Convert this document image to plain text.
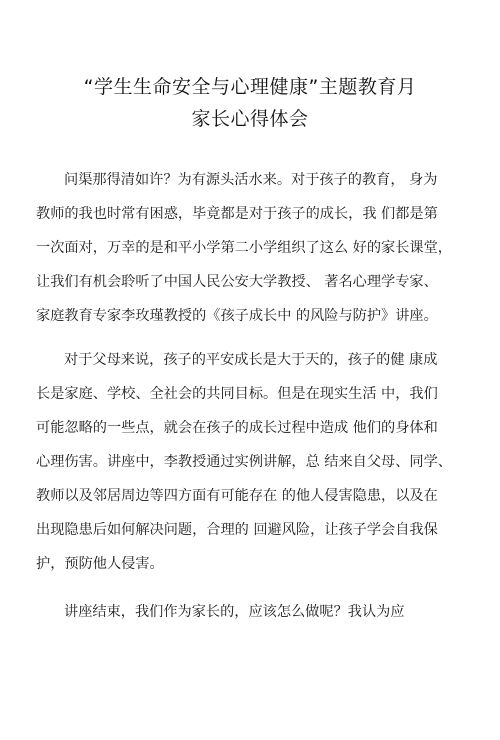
“学生生命安全与心理健康”主题教育月
家长心得体会
问渠那得清如许？为有源头活水来。对于孩子的教育， 身为
教师的我也时常有困惑，毕竟都是对于孩子的成长，我 们都是第
一次面对，万幸的是和平小学第二小学组织了这么 好的家长课堂，
让我们有机会聆听了中国人民公安大学教授、 著名心理学专家、
家庭教育专家李玫瑾教授的《孩子成长中 的风险与防护》讲座。
对于父母来说，孩子的平安成长是大于天的，孩子的健 康成
长是家庭、学校、全社会的共同目标。但是在现实生活 中，我们
可能忽略的一些点，就会在孩子的成长过程中造成 他们的身体和
心理伤害。讲座中，李教授通过实例讲解，总 结来自父母、同学、
教师以及邻居周边等四方面有可能存在 的他人侵害隐患，以及在
出现隐患后如何解决问题，合理的 回避风险，让孩子学会自我保
护，预防他人侵害。
讲座结束，我们作为家长的，应该怎么做呢？我认为应
